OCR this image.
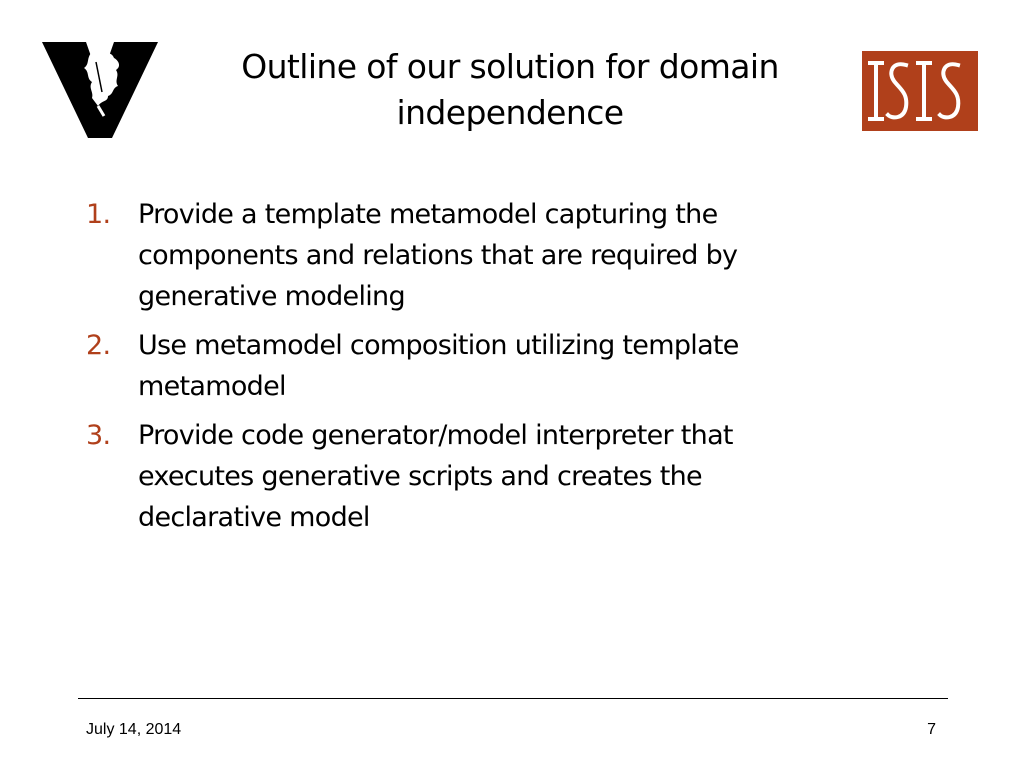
Outline of our solution for domain
independence
1. Provide a template metamodel capturing the
components and relations that are required by
generative modeling
2. Use metamodel composition utilizing template
metamodel
3. Provide code generator/model interpreter that
executes generative scripts and creates the
declarative model
July 14, 2014	7
